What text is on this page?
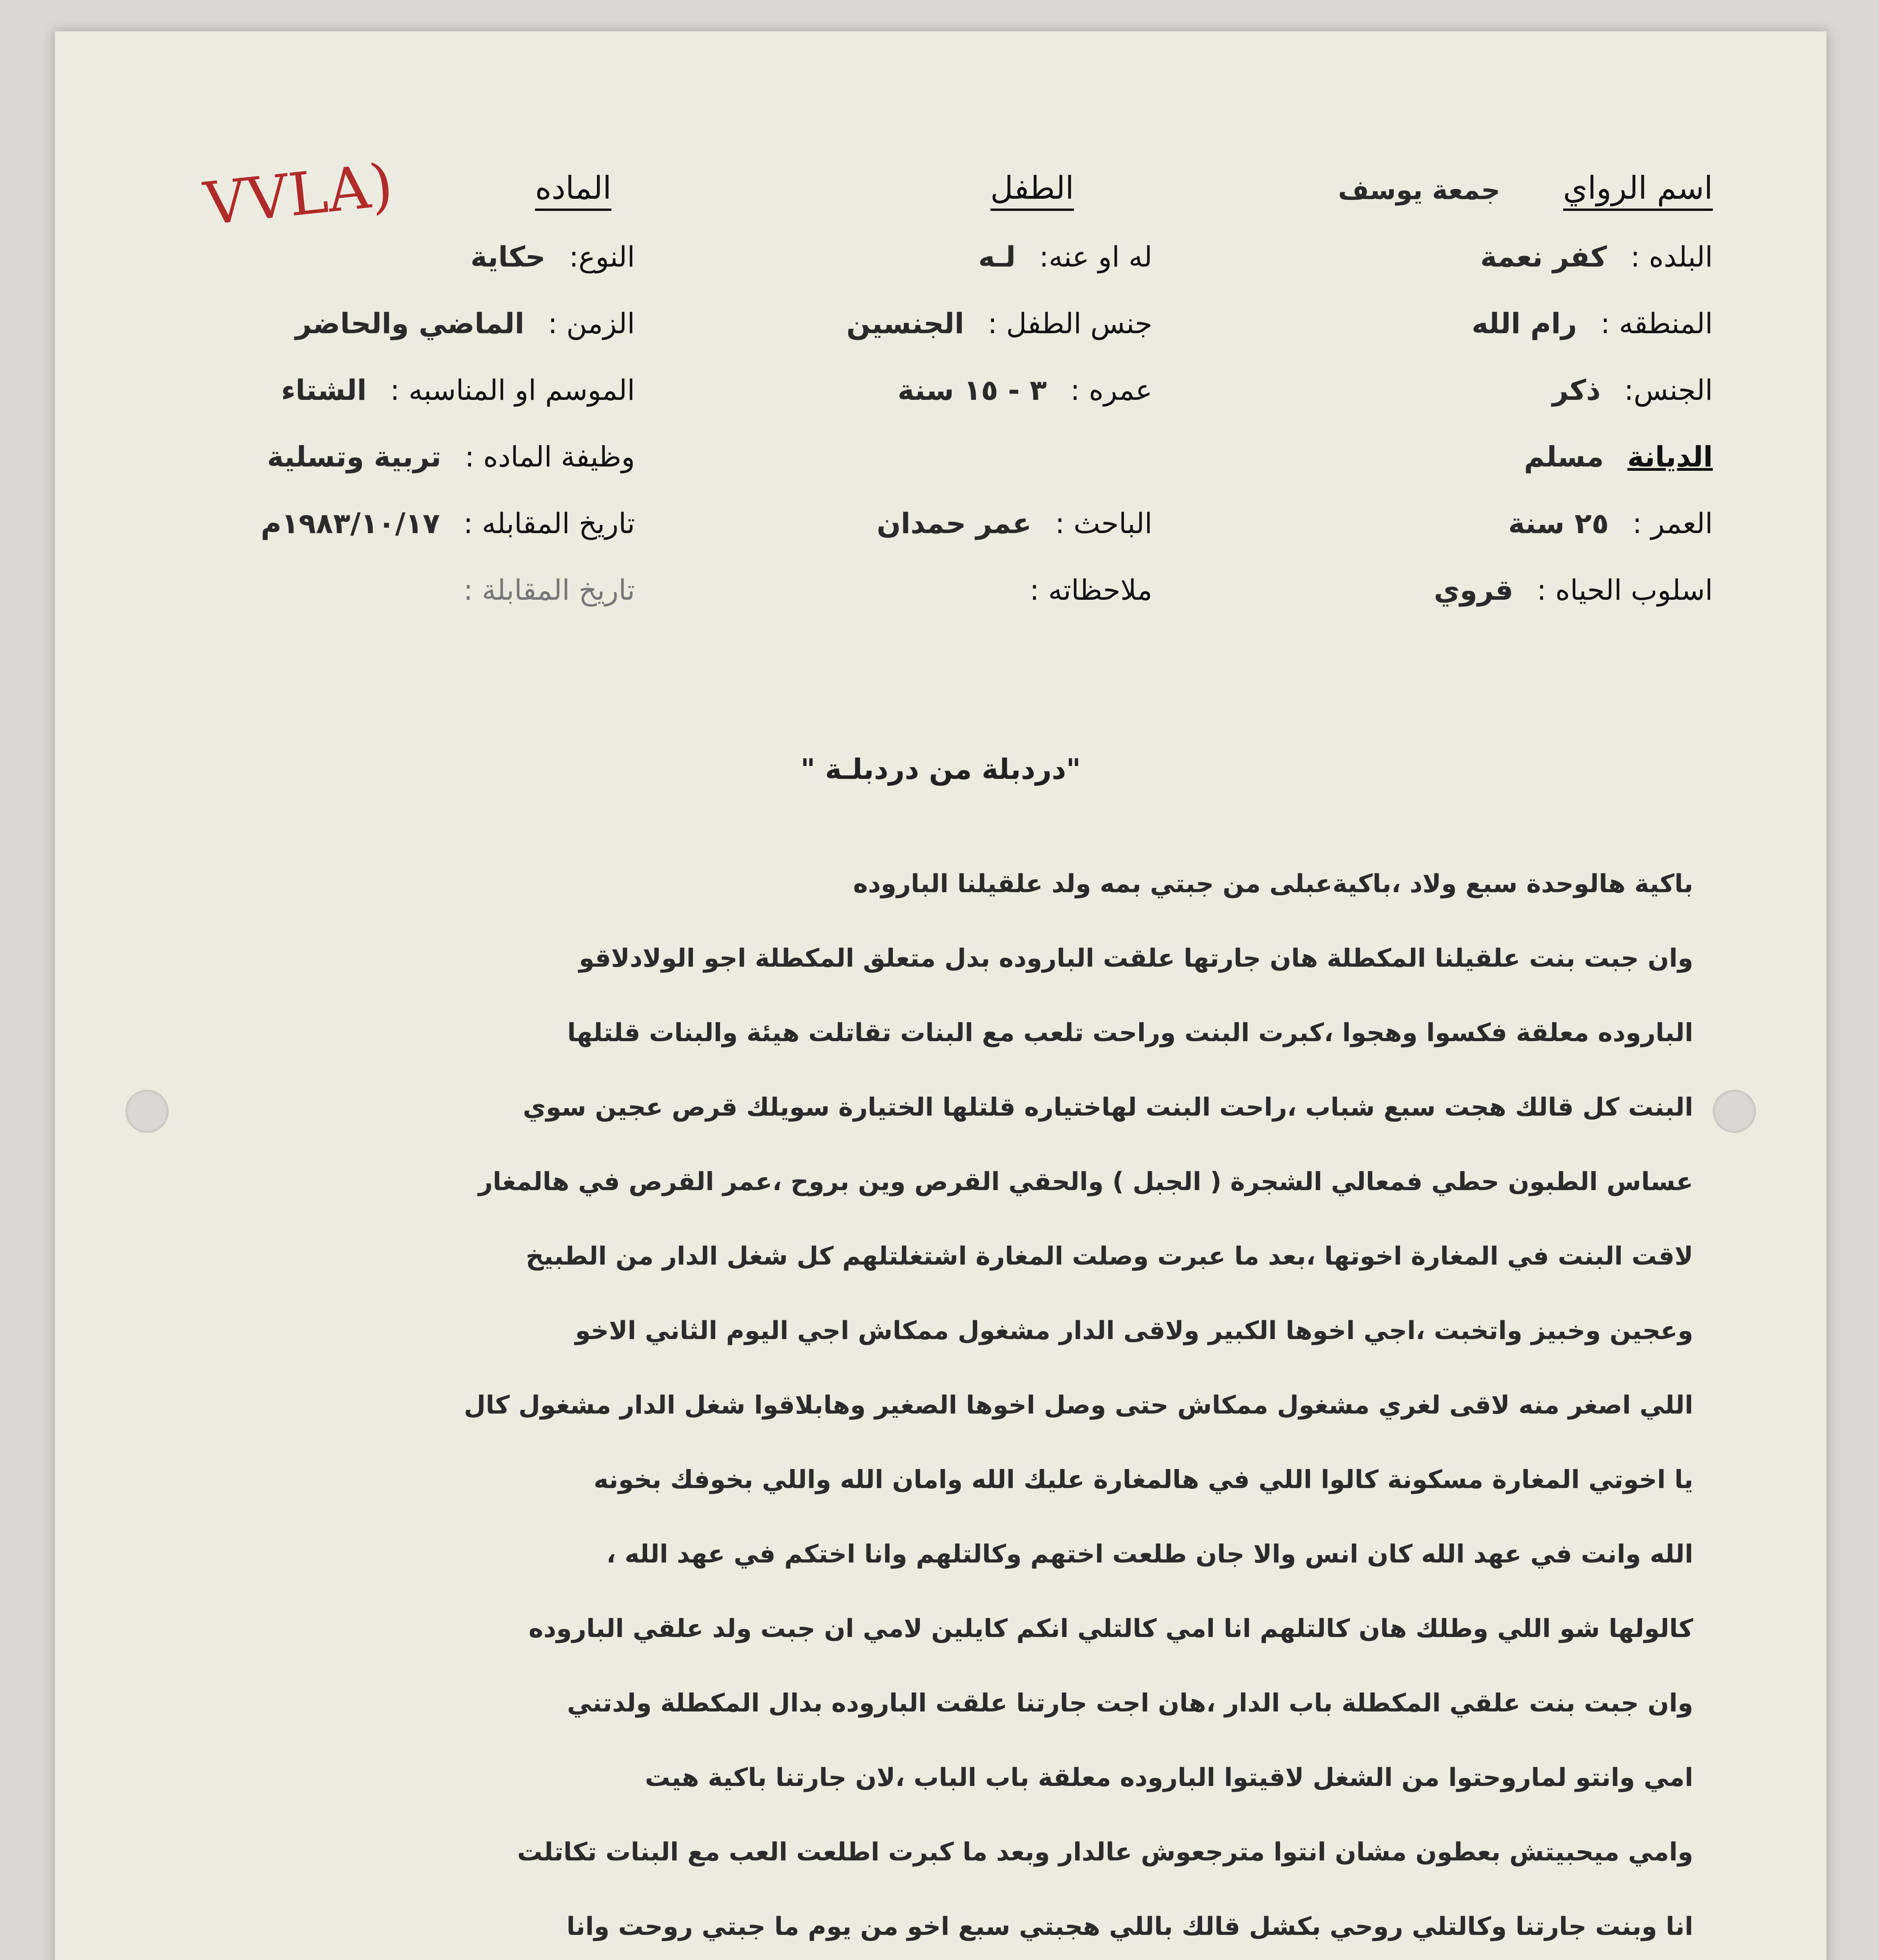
VVLA)	اسم الرواي
جمعة يوسف
البلده :
كفر نعمة
المنطقه :
رام الله
الجنس:
ذكر
الديانة
مسلم
العمر :
٢٥ سنة
اسلوب الحياه :
قروي
الطفل
له او عنه:
لـه
جنس الطفل :
الجنسين
عمره :
٣ - ١٥ سنة
الباحث :
عمر حمدان
ملاحظاته :
الماده
النوع:
حكاية
الزمن :
الماضي والحاضر
الموسم او المناسبه :
الشتاء
وظيفة الماده :
تربية وتسلية
تاريخ المقابله :
١٩٨٣/١٠/١٧م
تاريخ المقابلة :
"دردبلة من دردبلـة "
باكية هالوحدة سبع ولاد ،باكيةعبلى من جبتي بمه ولد علقيلنا الباروده
وان جبت بنت علقيلنا المكطلة هان جارتها علقت الباروده بدل متعلق المكطلة اجو الولادلاقو
الباروده معلقة فكسوا وهجوا ،كبرت البنت وراحت تلعب مع البنات تقاتلت هيئة والبنات قلتلها
البنت كل قالك هجت سبع شباب ،راحت البنت لهاختياره قلتلها الختيارة سويلك قرص عجين سوي
عساس الطبون حطي فمعالي الشجرة ( الجبل ) والحقي القرص وين بروح ،عمر القرص في هالمغار
لاقت البنت في المغارة اخوتها ،بعد ما عبرت وصلت المغارة اشتغلتلهم كل شغل الدار من الطبيخ
وعجين وخبيز واتخبت ،اجي اخوها الكبير ولاقى الدار مشغول ممكاش اجي اليوم الثاني الاخو
اللي اصغر منه لاقى لغري مشغول ممكاش حتى وصل اخوها الصغير وهابلاقوا شغل الدار مشغول كال
يا اخوتي المغارة مسكونة كالوا اللي في هالمغارة عليك الله وامان الله واللي بخوفك بخونه
الله وانت في عهد الله كان انس والا جان طلعت اختهم وكالتلهم وانا اختكم في عهد الله ،
كالولها شو اللي وطلك هان كالتلهم انا امي كالتلي انكم كايلين لامي ان جبت ولد علقي الباروده
وان جبت بنت علقي المكطلة باب الدار ،هان اجت جارتنا علقت الباروده بدال المكطلة ولدتني
امي وانتو لماروحتوا من الشغل لاقيتوا الباروده معلقة باب الباب ،لان جارتنا باكية هيت
وامي ميحبيتش بعطون مشان انتوا مترجعوش عالدار وبعد ما كبرت اطلعت العب مع البنات تكاتلت
انا وبنت جارتنا وكالتلي روحي بكشل قالك باللي هجبتي سبع اخو من يوم ما جبتي روحت وانا
